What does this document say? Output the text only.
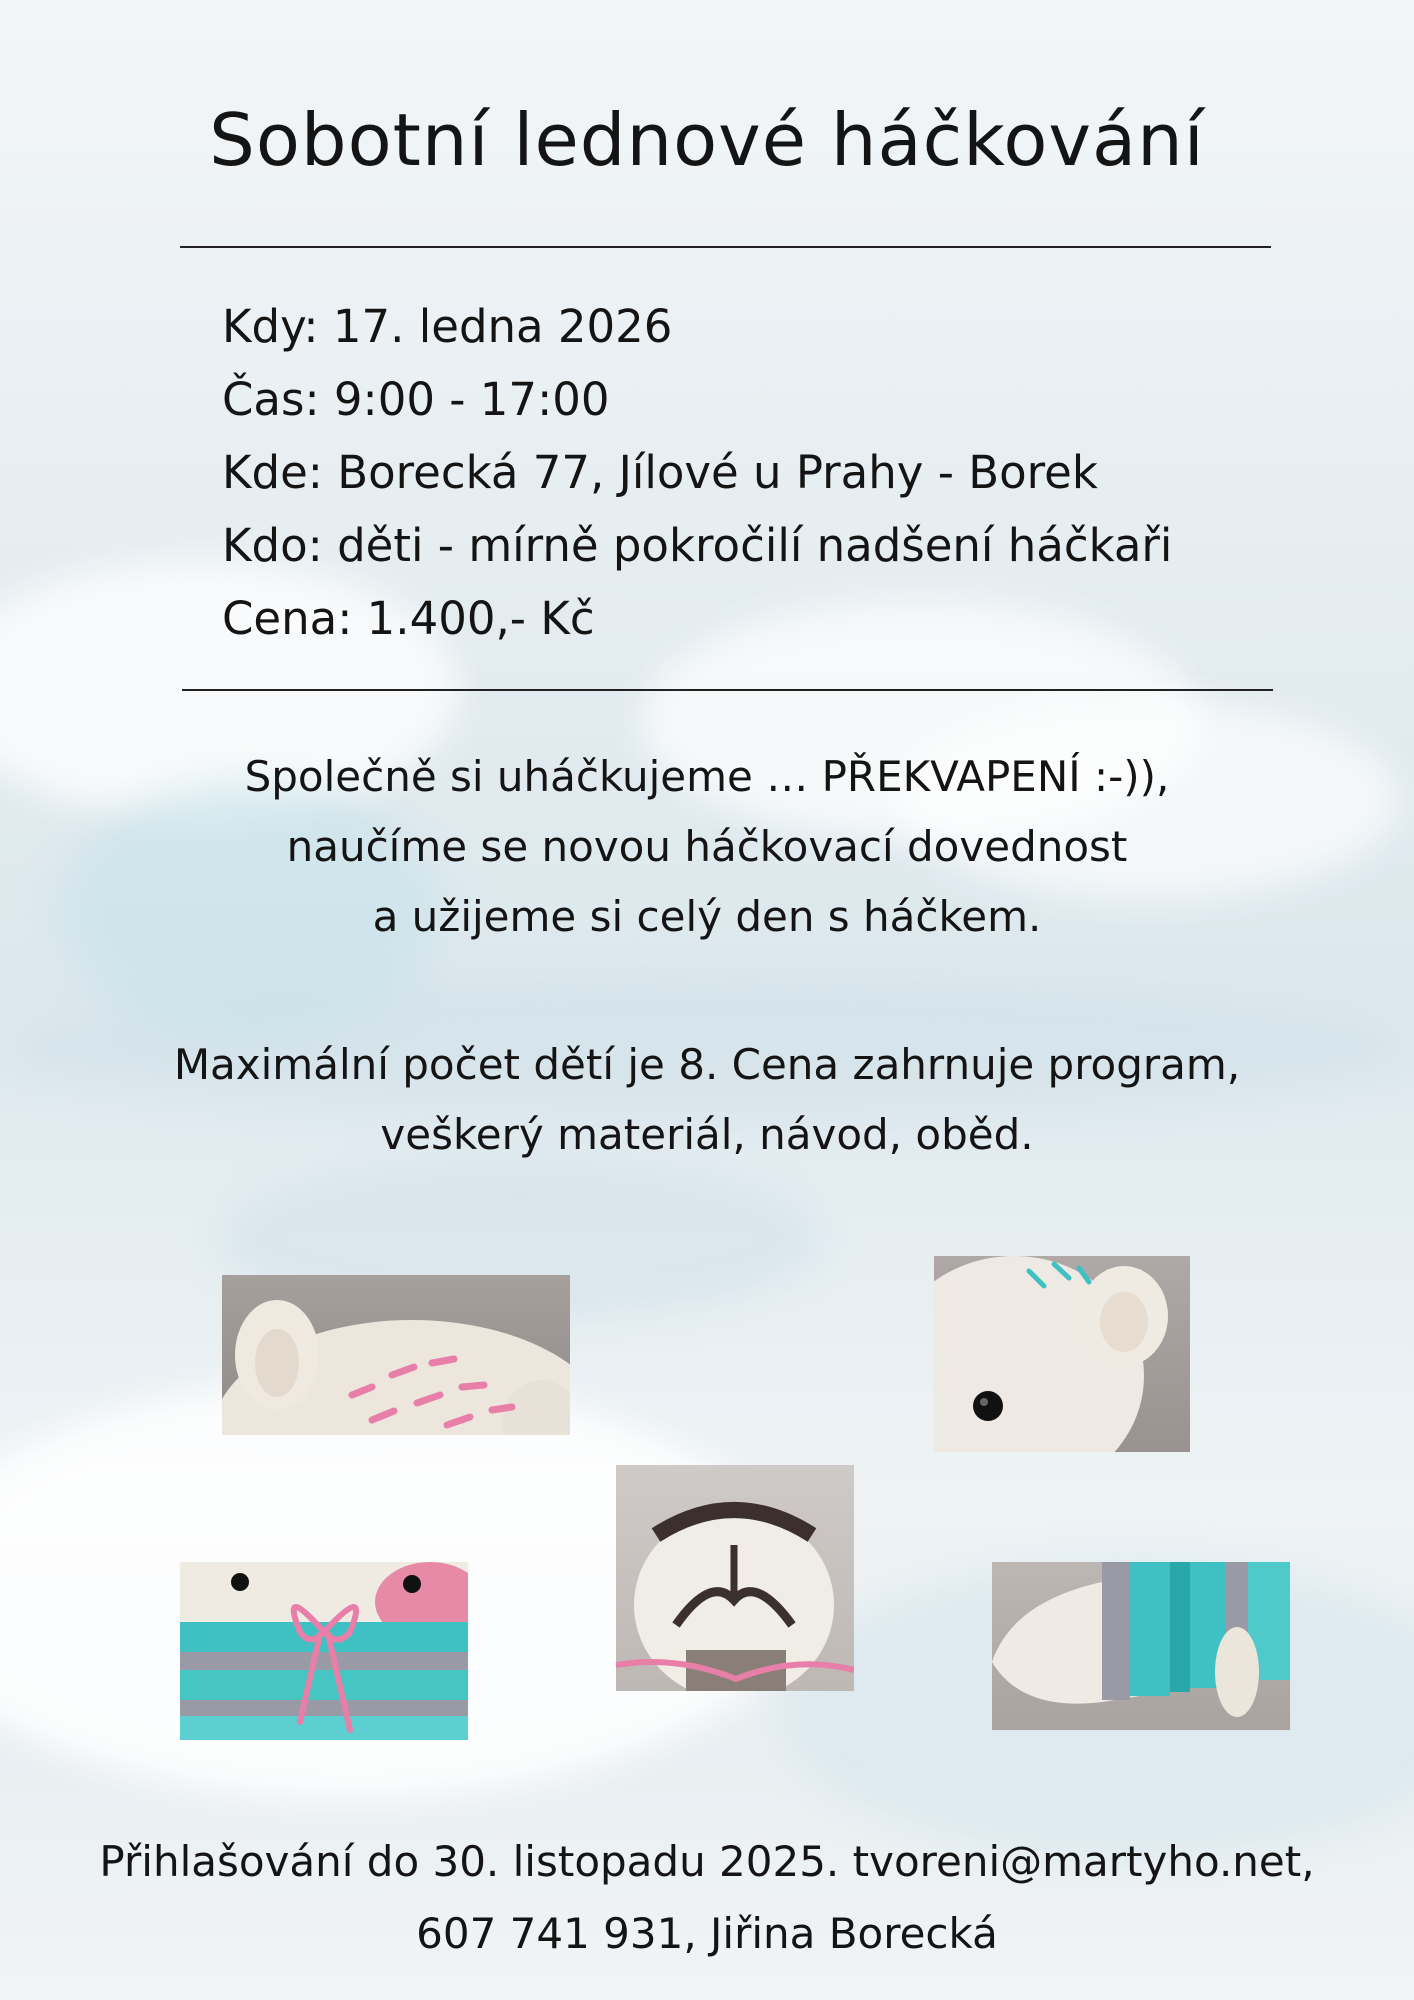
Sobotní lednové háčkování
Kdy: 17. ledna 2026
Čas: 9:00 - 17:00
Kde: Borecká 77, Jílové u Prahy - Borek
Kdo: děti - mírně pokročilí nadšení háčkaři
Cena: 1.400,- Kč
Společně si uháčkujeme … PŘEKVAPENÍ :-)),
naučíme se novou háčkovací dovednost
a užijeme si celý den s háčkem.
Maximální počet dětí je 8. Cena zahrnuje program,
veškerý materiál, návod, oběd.
Přihlašování do 30. listopadu 2025. tvoreni@martyho.net,
607 741 931, Jiřina Borecká
